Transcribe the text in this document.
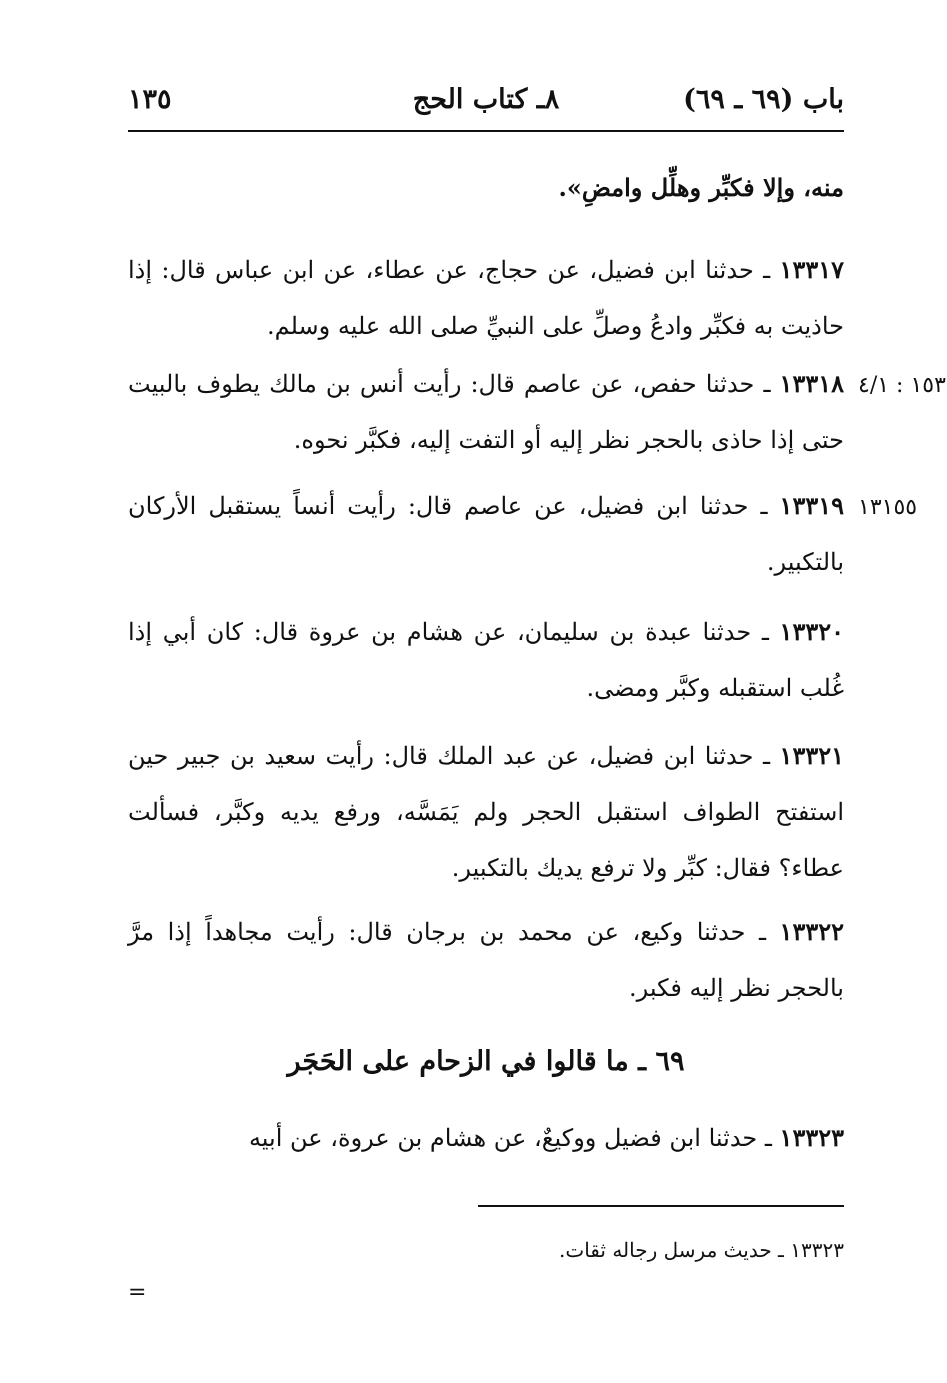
باب (٦٩ ـ ٦٩)
٨ـ كتاب الحج
١٣٥
منه، وإلا فكبِّر وهلِّل وامضِ».
١٣٣١٧ ـ حدثنا ابن فضيل، عن حجاج، عن عطاء، عن ابن عباس قال: إذا حاذيت به فكبِّر وادعُ وصلِّ على النبيِّ صلى الله عليه وسلم.
١٥٣ : ٤/١
١٣٣١٨ ـ حدثنا حفص، عن عاصم قال: رأيت أنس بن مالك يطوف بالبيت حتى إذا حاذى بالحجر نظر إليه أو التفت إليه، فكبَّر نحوه.
١٣١٥٥
١٣٣١٩ ـ حدثنا ابن فضيل، عن عاصم قال: رأيت أنساً يستقبل الأركان بالتكبير.
١٣٣٢٠ ـ حدثنا عبدة بن سليمان، عن هشام بن عروة قال: كان أبي إذا غُلب استقبله وكبَّر ومضى.
١٣٣٢١ ـ حدثنا ابن فضيل، عن عبد الملك قال: رأيت سعيد بن جبير حين استفتح الطواف استقبل الحجر ولم يَمَسَّه، ورفع يديه وكبَّر، فسألت عطاء؟ فقال: كبِّر ولا ترفع يديك بالتكبير.
١٣٣٢٢ ـ حدثنا وكيع، عن محمد بن برجان قال: رأيت مجاهداً إذا مرَّ بالحجر نظر إليه فكبر.
٦٩ ـ ما قالوا في الزحام على الحَجَر
١٣٣٢٣ ـ حدثنا ابن فضيل ووكيعٌ، عن هشام بن عروة، عن أبيه
١٣٣٢٣ ـ حديث مرسل رجاله ثقات.
=
